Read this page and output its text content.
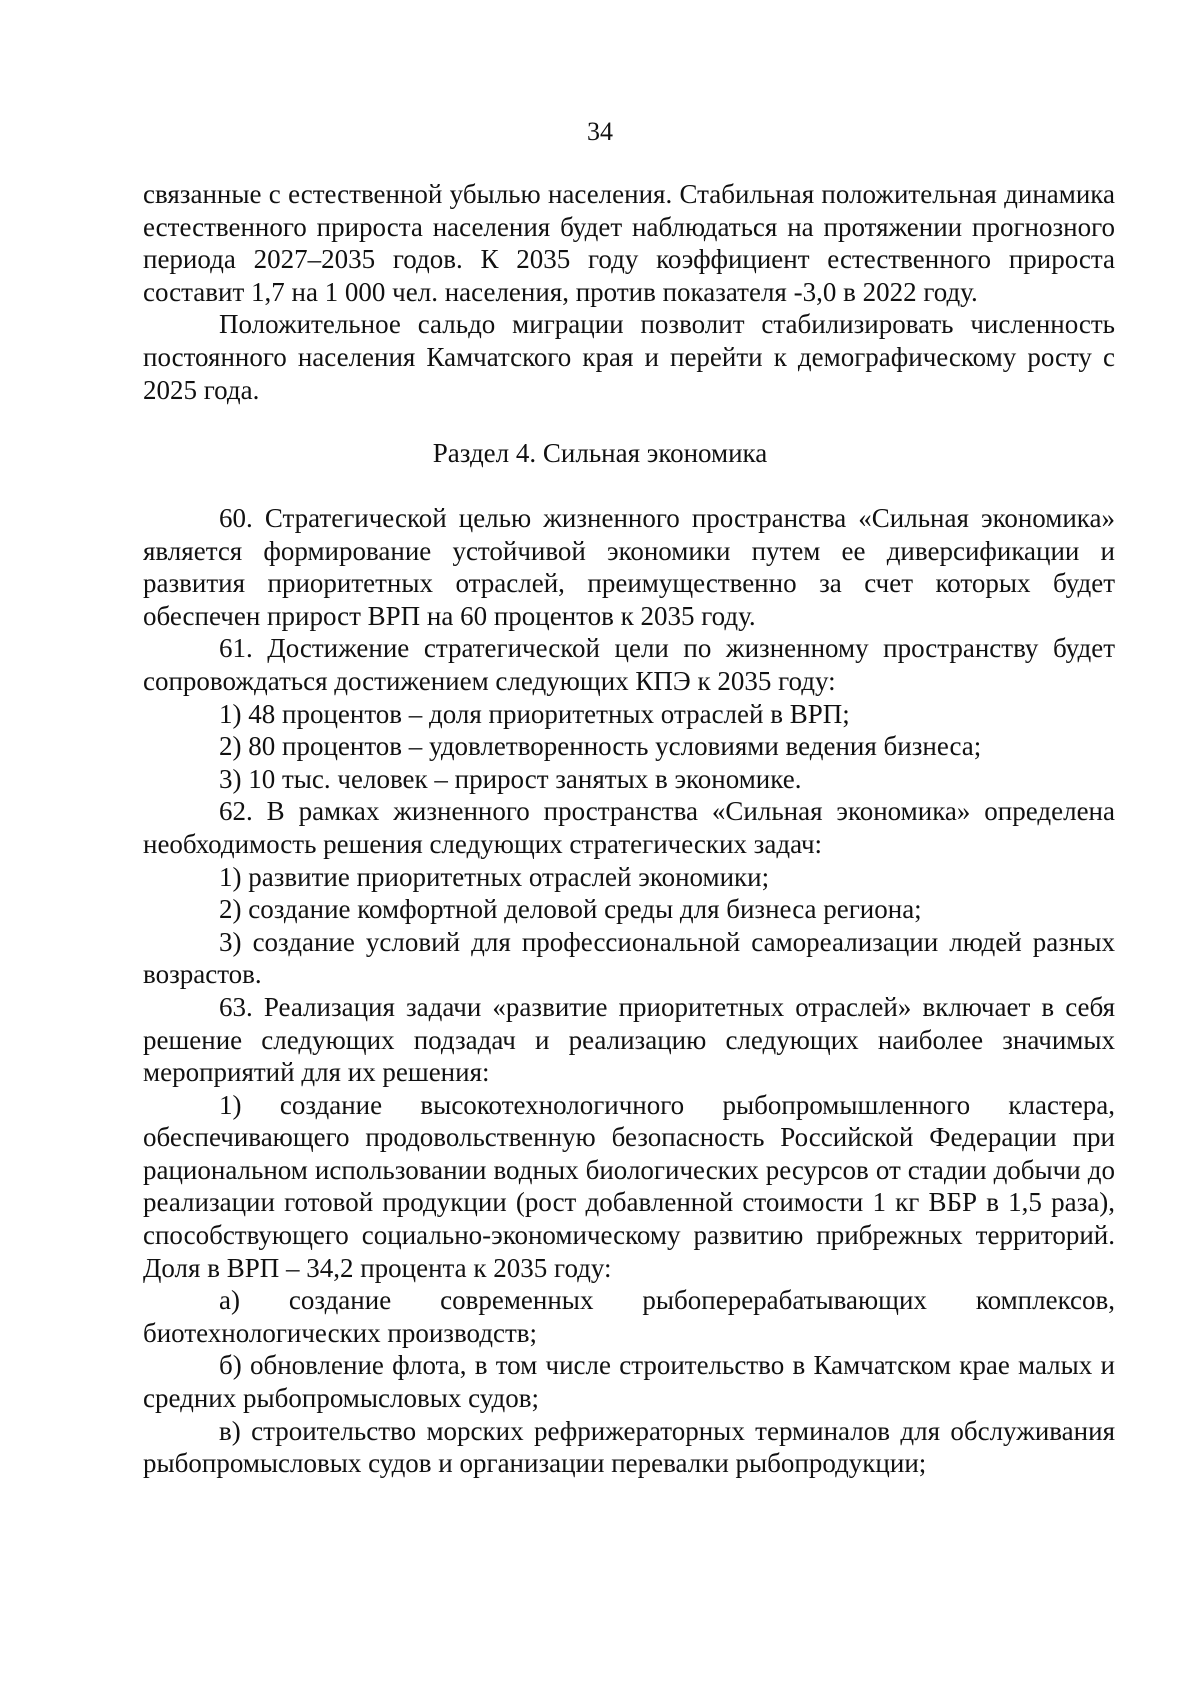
34

связанные с естественной убылью населения. Стабильная положительная динамика естественного прироста населения будет наблюдаться на протяжении прогнозного периода 2027–2035 годов. К 2035 году коэффициент естественного прироста составит 1,7 на 1 000 чел. населения, против показателя -3,0 в 2022 году.

Положительное сальдо миграции позволит стабилизировать численность постоянного населения Камчатского края и перейти к демографическому росту с 2025 года.

Раздел 4. Сильная экономика

60. Стратегической целью жизненного пространства «Сильная экономика» является формирование устойчивой экономики путем ее диверсификации и развития приоритетных отраслей, преимущественно за счет которых будет обеспечен прирост ВРП на 60 процентов к 2035 году.

61. Достижение стратегической цели по жизненному пространству будет сопровождаться достижением следующих КПЭ к 2035 году:

1) 48 процентов – доля приоритетных отраслей в ВРП;

2) 80 процентов – удовлетворенность условиями ведения бизнеса;

3) 10 тыс. человек – прирост занятых в экономике.

62. В рамках жизненного пространства «Сильная экономика» определена необходимость решения следующих стратегических задач:

1) развитие приоритетных отраслей экономики;

2) создание комфортной деловой среды для бизнеса региона;

3) создание условий для профессиональной самореализации людей разных возрастов.

63. Реализация задачи «развитие приоритетных отраслей» включает в себя решение следующих подзадач и реализацию следующих наиболее значимых мероприятий для их решения:

1) создание высокотехнологичного рыбопромышленного кластера, обеспечивающего продовольственную безопасность Российской Федерации при рациональном использовании водных биологических ресурсов от стадии добычи до реализации готовой продукции (рост добавленной стоимости 1 кг ВБР в 1,5 раза), способствующего социально-экономическому развитию прибрежных территорий. Доля в ВРП – 34,2 процента к 2035 году:

а) создание современных рыбоперерабатывающих комплексов, биотехнологических производств;

б) обновление флота, в том числе строительство в Камчатском крае малых и средних рыбопромысловых судов;

в) строительство морских рефрижераторных терминалов для обслуживания рыбопромысловых судов и организации перевалки рыбопродукции;
